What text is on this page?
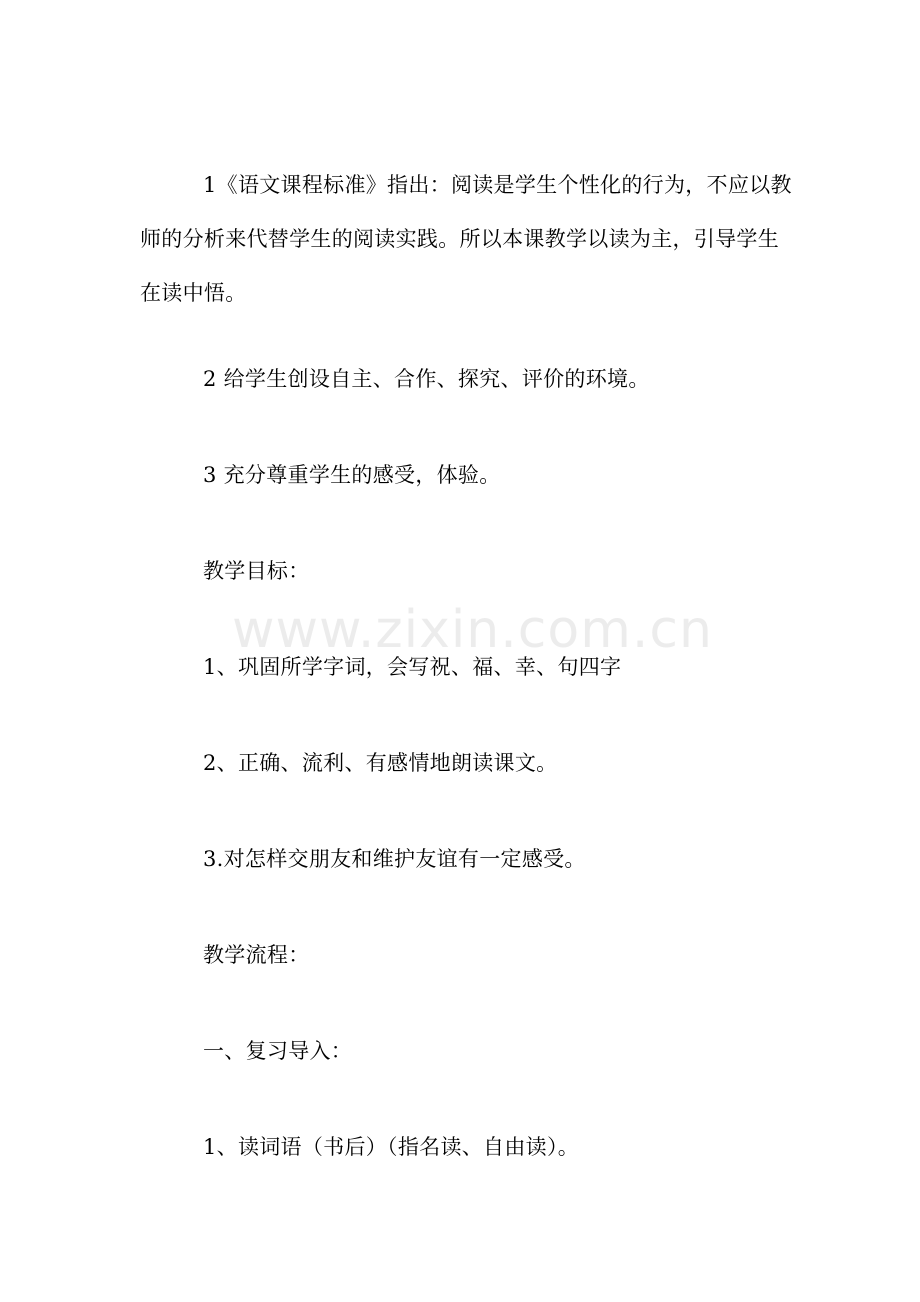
www.zixin.com.cn

1《语文课程标准》指出：阅读是学生个性化的行为，不应以教师的分析来代替学生的阅读实践。所以本课教学以读为主，引导学生在读中悟。

2 给学生创设自主、合作、探究、评价的环境。

3 充分尊重学生的感受，体验。

教学目标：

1、巩固所学字词，会写祝、福、幸、句四字

2、正确、流利、有感情地朗读课文。

3.对怎样交朋友和维护友谊有一定感受。

教学流程：

一、复习导入：

1、读词语（书后）（指名读、自由读）。
